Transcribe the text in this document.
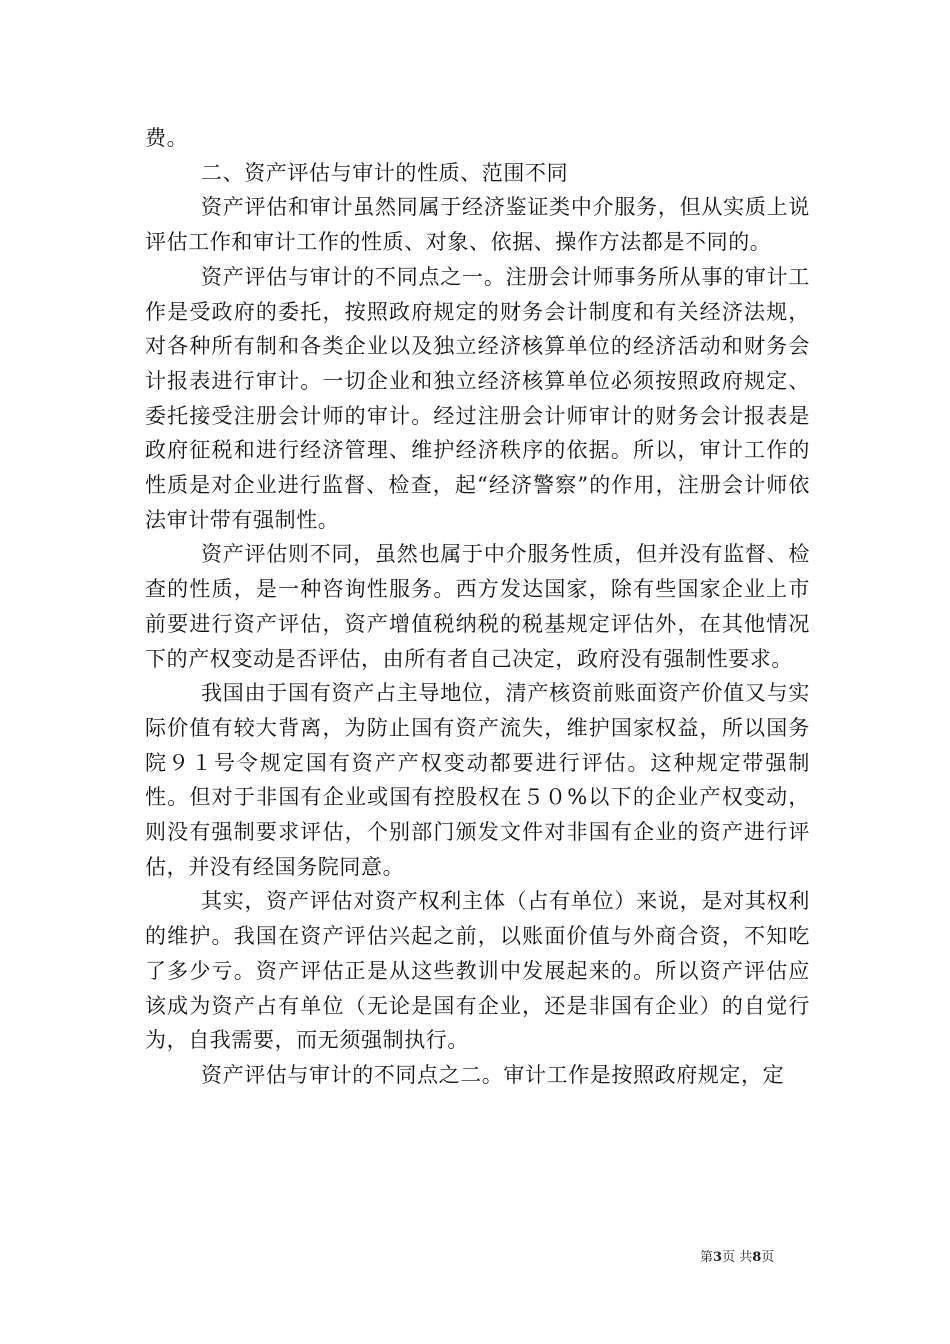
费。

二、资产评估与审计的性质、范围不同

资产评估和审计虽然同属于经济鉴证类中介服务，但从实质上说评估工作和审计工作的性质、对象、依据、操作方法都是不同的。

资产评估与审计的不同点之一。注册会计师事务所从事的审计工作是受政府的委托，按照政府规定的财务会计制度和有关经济法规，对各种所有制和各类企业以及独立经济核算单位的经济活动和财务会计报表进行审计。一切企业和独立经济核算单位必须按照政府规定、委托接受注册会计师的审计。经过注册会计师审计的财务会计报表是政府征税和进行经济管理、维护经济秩序的依据。所以，审计工作的性质是对企业进行监督、检查，起“经济警察”的作用，注册会计师依法审计带有强制性。

资产评估则不同，虽然也属于中介服务性质，但并没有监督、检查的性质，是一种咨询性服务。西方发达国家，除有些国家企业上市前要进行资产评估，资产增值税纳税的税基规定评估外，在其他情况下的产权变动是否评估，由所有者自己决定，政府没有强制性要求。

我国由于国有资产占主导地位，清产核资前账面资产价值又与实际价值有较大背离，为防止国有资产流失，维护国家权益，所以国务院９１号令规定国有资产产权变动都要进行评估。这种规定带强制性。但对于非国有企业或国有控股权在５０%以下的企业产权变动，则没有强制要求评估，个别部门颁发文件对非国有企业的资产进行评估，并没有经国务院同意。

其实，资产评估对资产权利主体（占有单位）来说，是对其权利的维护。我国在资产评估兴起之前，以账面价值与外商合资，不知吃了多少亏。资产评估正是从这些教训中发展起来的。所以资产评估应该成为资产占有单位（无论是国有企业，还是非国有企业）的自觉行为，自我需要，而无须强制执行。

资产评估与审计的不同点之二。审计工作是按照政府规定，定

第3页 共8页
